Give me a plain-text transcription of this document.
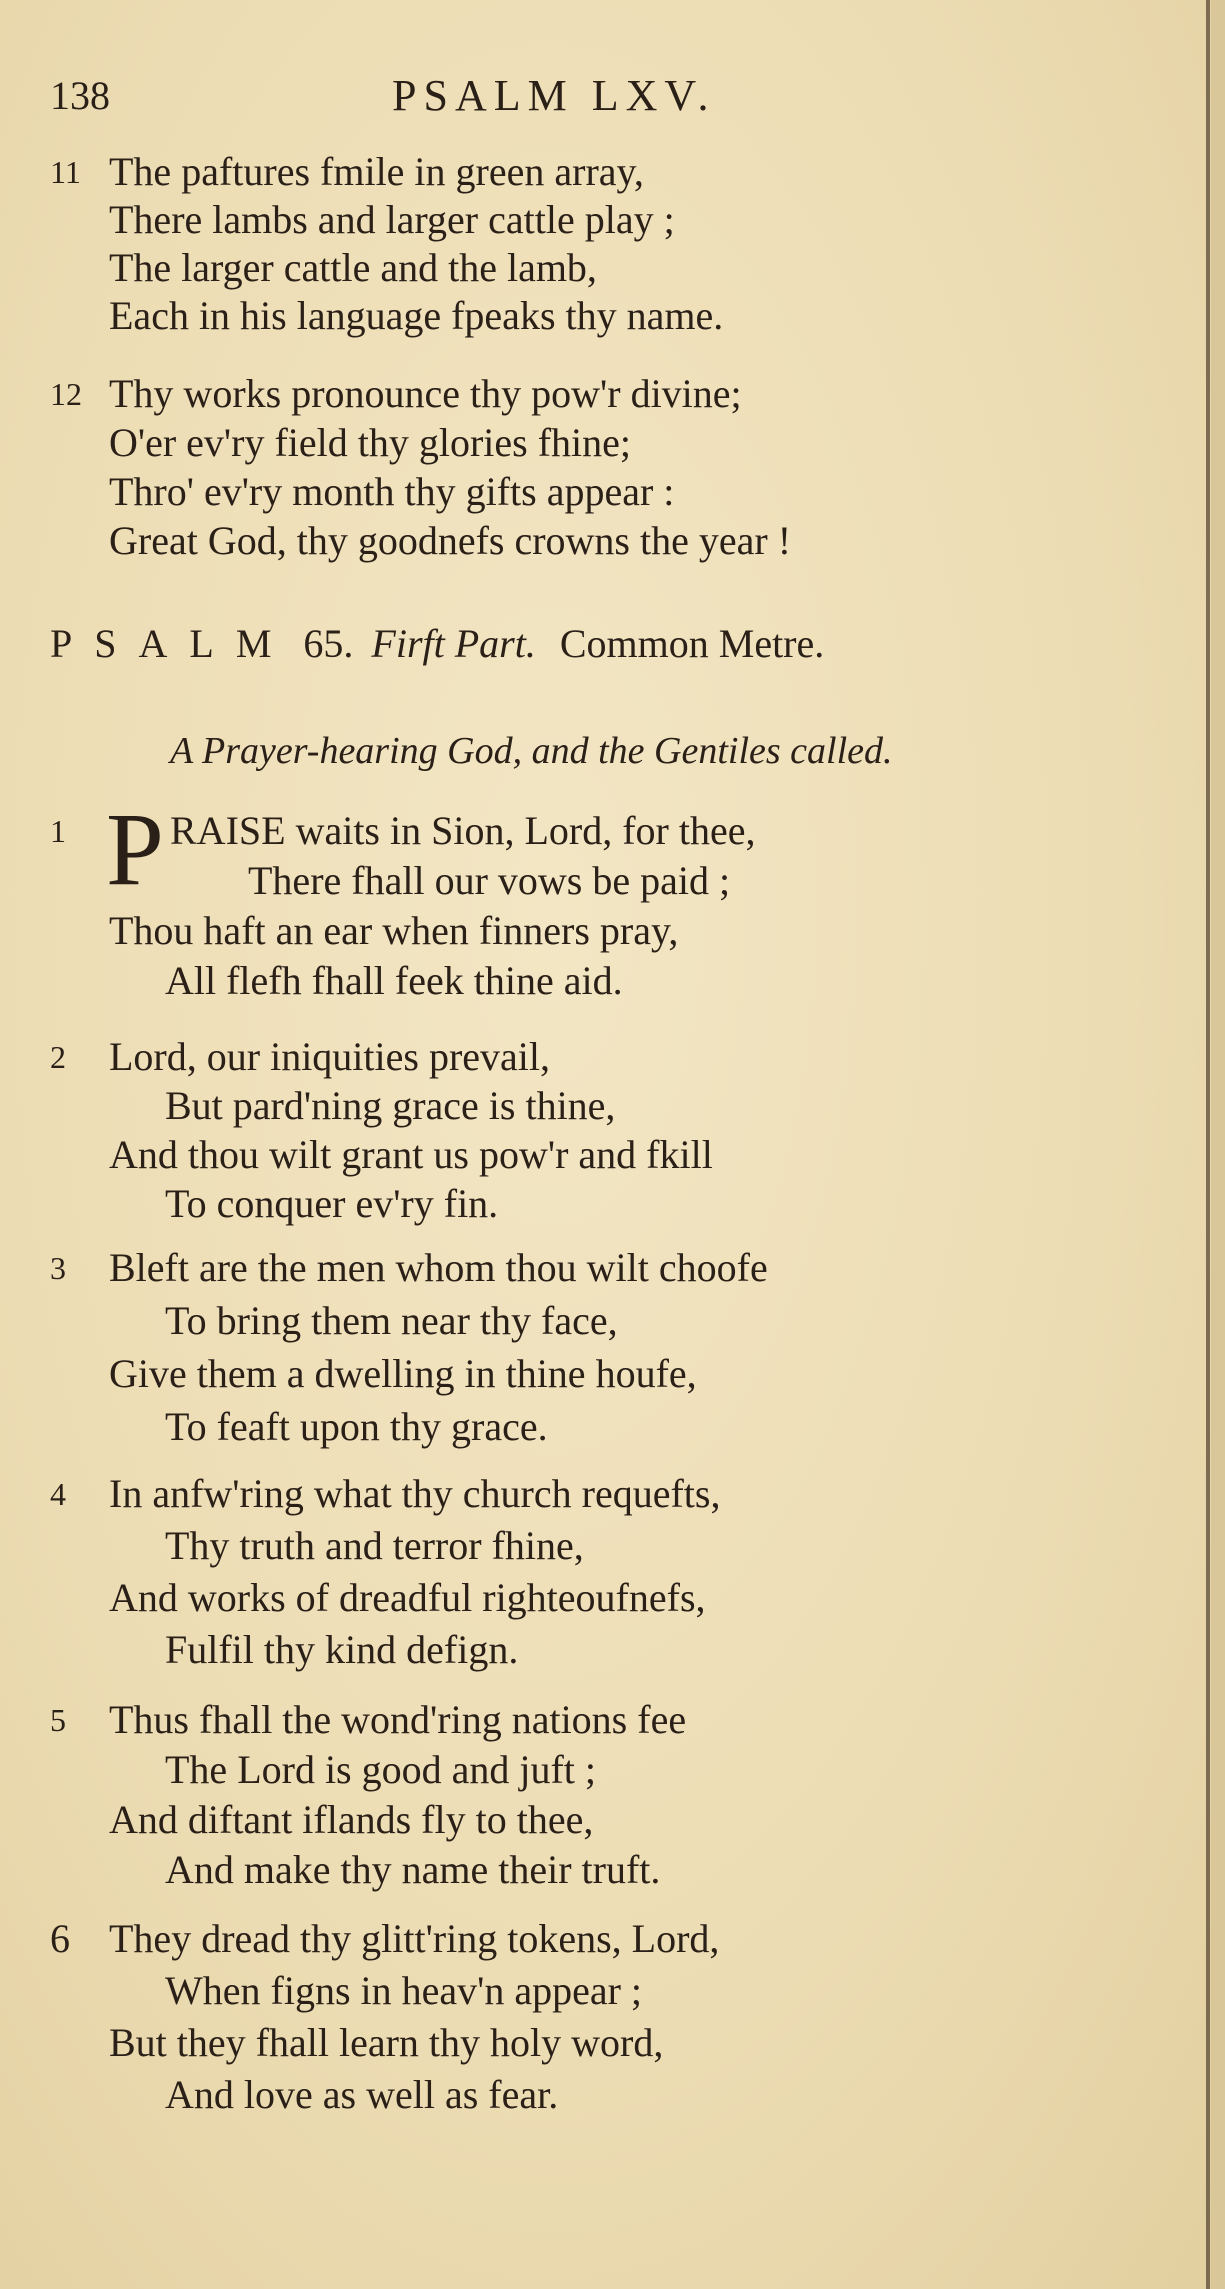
138	PSALM LXV.
PSALM 65. Firft Part. Common Metre.
A Prayer-hearing God, and the Gentiles called.
P
11 The paftures fmile in green array,
There lambs and larger cattle play ;
The larger cattle and the lamb,
Each in his language fpeaks thy name.
12 Thy works pronounce thy pow'r divine;
O'er ev'ry field thy glories fhine;
Thro' ev'ry month thy gifts appear :
Great God, thy goodnefs crowns the year !
1	RAISE waits in Sion, Lord, for thee,
There fhall our vows be paid ;
Thou haft an ear when finners pray,
All flefh fhall feek thine aid.
2 Lord, our iniquities prevail,
But pard'ning grace is thine,
And thou wilt grant us pow'r and fkill
To conquer ev'ry fin.
3 Bleft are the men whom thou wilt choofe
To bring them near thy face,
Give them a dwelling in thine houfe,
To feaft upon thy grace.
4 In anfw'ring what thy church requefts,
Thy truth and terror fhine,
And works of dreadful righteoufnefs,
Fulfil thy kind defign.
5 Thus fhall the wond'ring nations fee
The Lord is good and juft ;
And diftant iflands fly to thee,
And make thy name their truft.
6 They dread thy glitt'ring tokens, Lord,
When figns in heav'n appear ;
But they fhall learn thy holy word,
And love as well as fear.
